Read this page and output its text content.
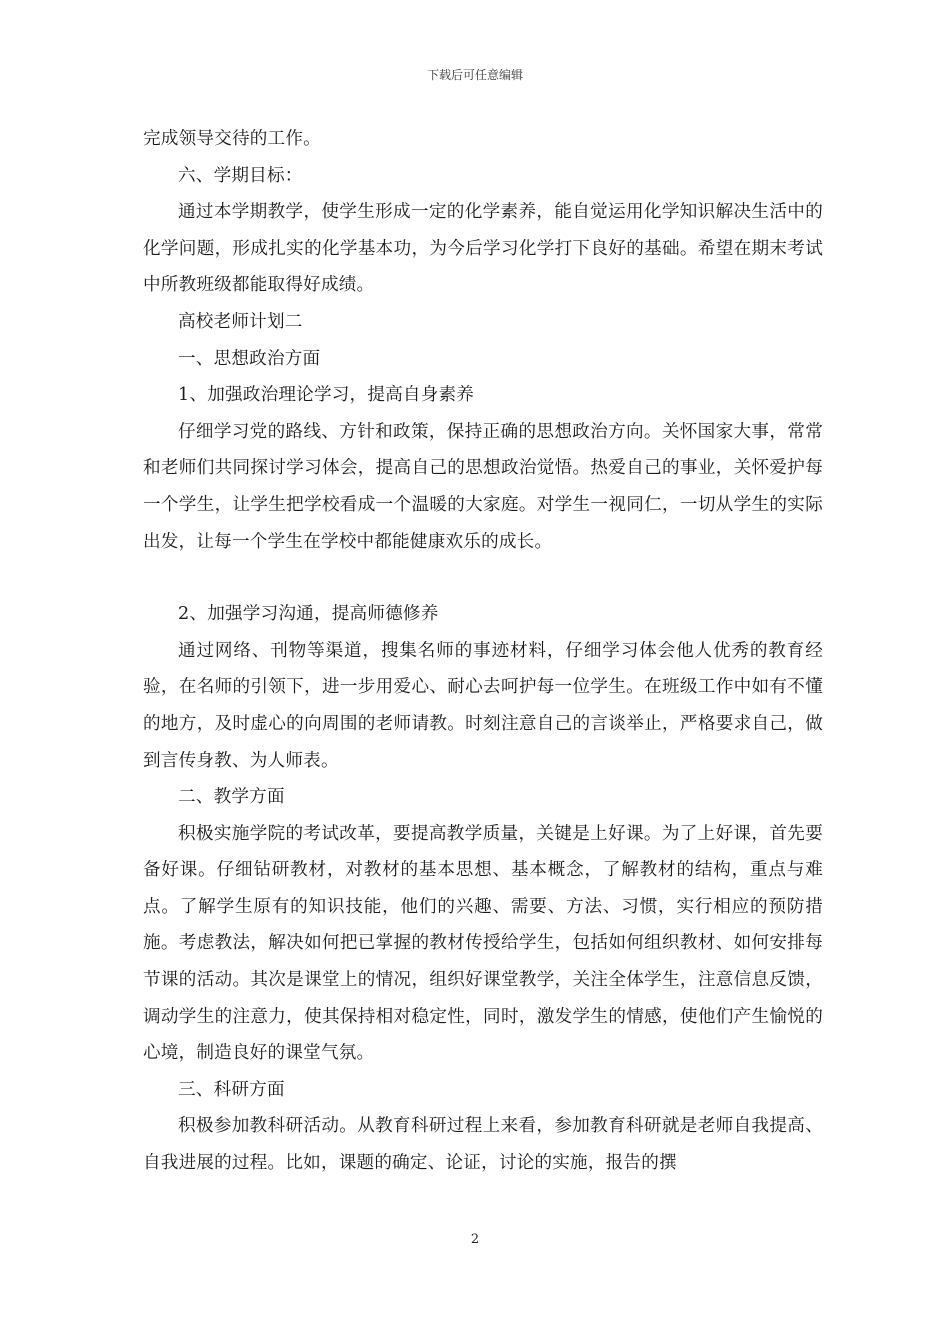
下载后可任意编辑

完成领导交待的工作。

六、学期目标：

通过本学期教学，使学生形成一定的化学素养，能自觉运用化学知识解决生活中的化学问题，形成扎实的化学基本功，为今后学习化学打下良好的基础。希望在期末考试中所教班级都能取得好成绩。

高校老师计划二

一、思想政治方面

1、加强政治理论学习，提高自身素养

仔细学习党的路线、方针和政策，保持正确的思想政治方向。关怀国家大事，常常和老师们共同探讨学习体会，提高自己的思想政治觉悟。热爱自己的事业，关怀爱护每一个学生，让学生把学校看成一个温暖的大家庭。对学生一视同仁，一切从学生的实际出发，让每一个学生在学校中都能健康欢乐的成长。

2、加强学习沟通，提高师德修养

通过网络、刊物等渠道，搜集名师的事迹材料，仔细学习体会他人优秀的教育经验，在名师的引领下，进一步用爱心、耐心去呵护每一位学生。在班级工作中如有不懂的地方，及时虚心的向周围的老师请教。时刻注意自己的言谈举止，严格要求自己，做到言传身教、为人师表。

二、教学方面

积极实施学院的考试改革，要提高教学质量，关键是上好课。为了上好课，首先要备好课。仔细钻研教材，对教材的基本思想、基本概念，了解教材的结构，重点与难点。了解学生原有的知识技能，他们的兴趣、需要、方法、习惯，实行相应的预防措施。考虑教法，解决如何把已掌握的教材传授给学生，包括如何组织教材、如何安排每节课的活动。其次是课堂上的情况，组织好课堂教学，关注全体学生，注意信息反馈，调动学生的注意力，使其保持相对稳定性，同时，激发学生的情感，使他们产生愉悦的心境，制造良好的课堂气氛。

三、科研方面

积极参加教科研活动。从教育科研过程上来看，参加教育科研就是老师自我提高、自我进展的过程。比如，课题的确定、论证，讨论的实施，报告的撰

2
